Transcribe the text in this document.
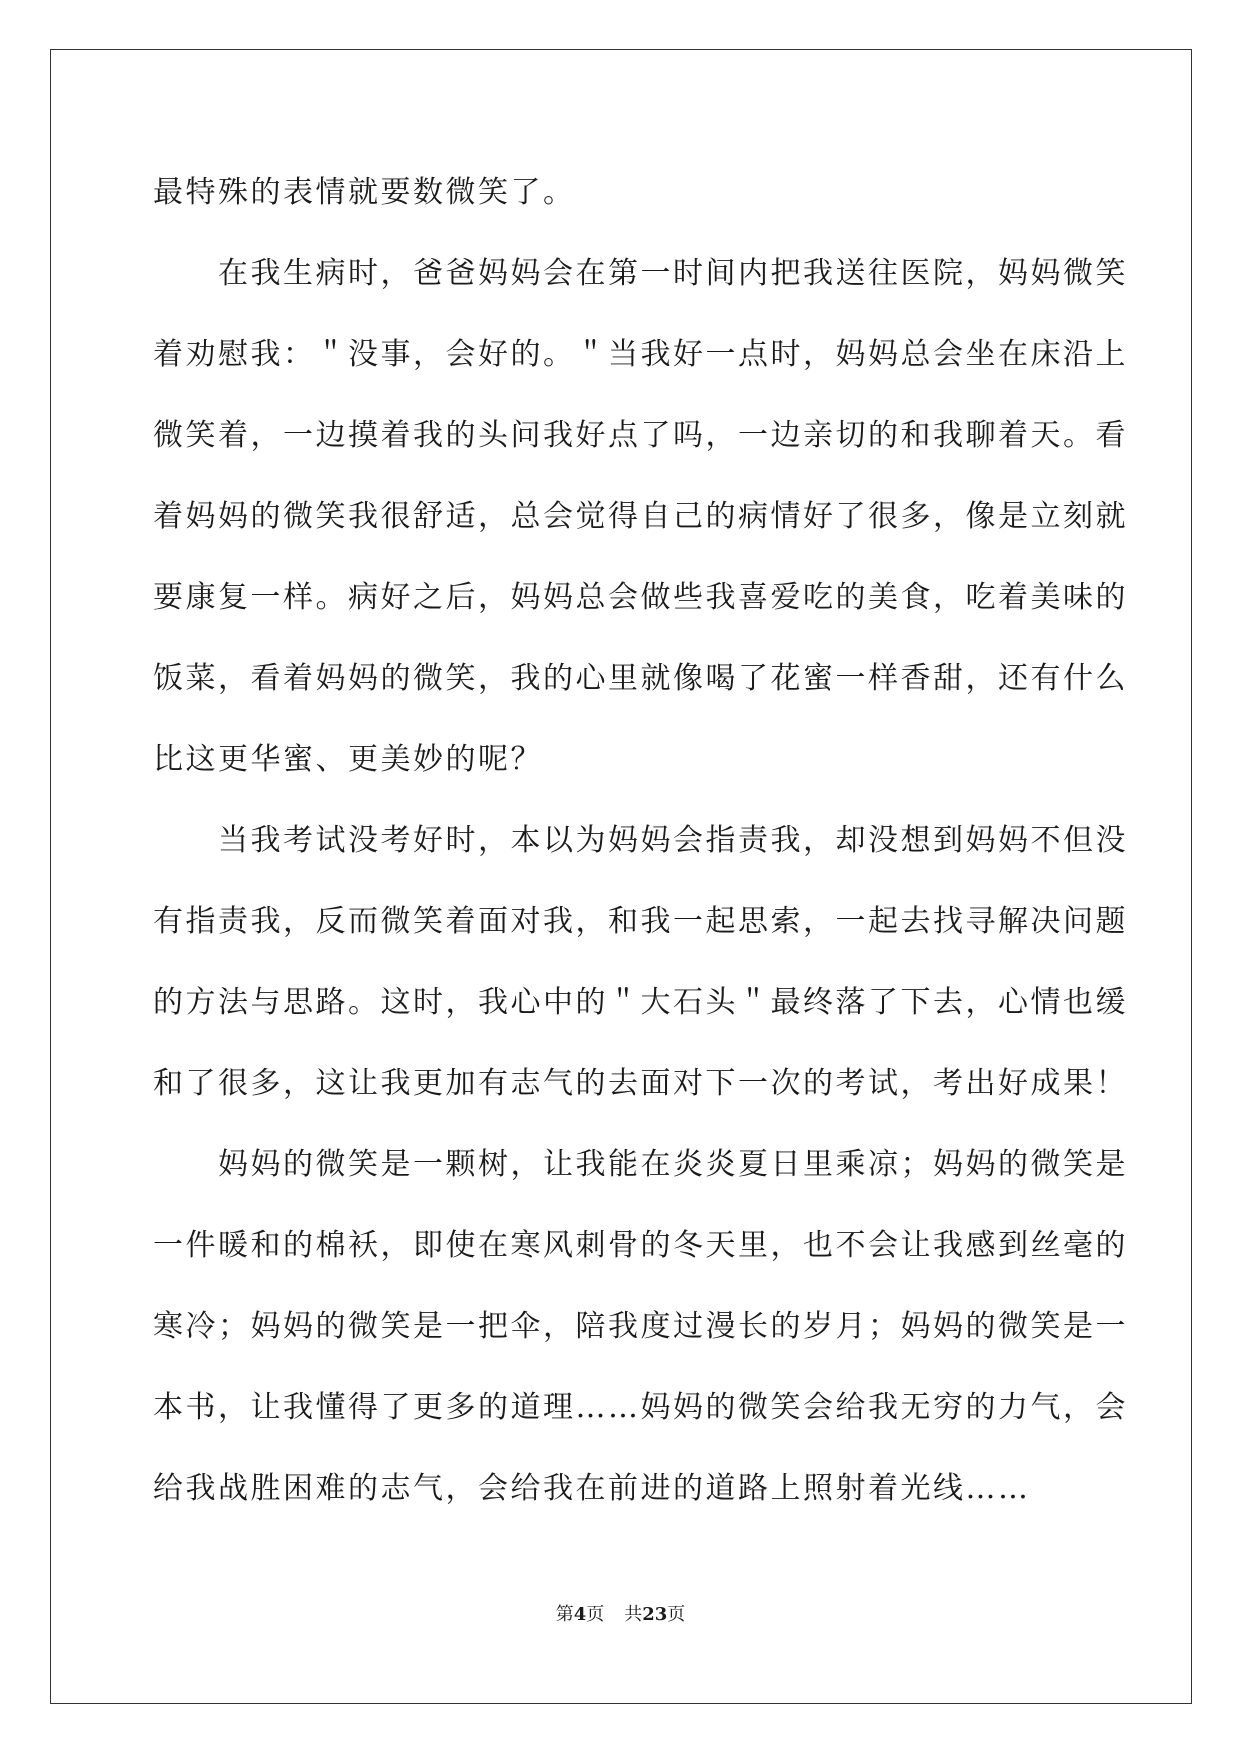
最特殊的表情就要数微笑了。

　　在我生病时，爸爸妈妈会在第一时间内把我送往医院，妈妈微笑

着劝慰我：＂没事，会好的。＂当我好一点时，妈妈总会坐在床沿上

微笑着，一边摸着我的头问我好点了吗，一边亲切的和我聊着天。看

着妈妈的微笑我很舒适，总会觉得自己的病情好了很多，像是立刻就

要康复一样。病好之后，妈妈总会做些我喜爱吃的美食，吃着美味的

饭菜，看着妈妈的微笑，我的心里就像喝了花蜜一样香甜，还有什么

比这更华蜜、更美妙的呢？

　　当我考试没考好时，本以为妈妈会指责我，却没想到妈妈不但没

有指责我，反而微笑着面对我，和我一起思索，一起去找寻解决问题

的方法与思路。这时，我心中的＂大石头＂最终落了下去，心情也缓

和了很多，这让我更加有志气的去面对下一次的考试，考出好成果！

　　妈妈的微笑是一颗树，让我能在炎炎夏日里乘凉；妈妈的微笑是

一件暖和的棉袄，即使在寒风刺骨的冬天里，也不会让我感到丝毫的

寒冷；妈妈的微笑是一把伞，陪我度过漫长的岁月；妈妈的微笑是一

本书，让我懂得了更多的道理……妈妈的微笑会给我无穷的力气，会

给我战胜困难的志气，会给我在前进的道路上照射着光线……

第4页 共23页
